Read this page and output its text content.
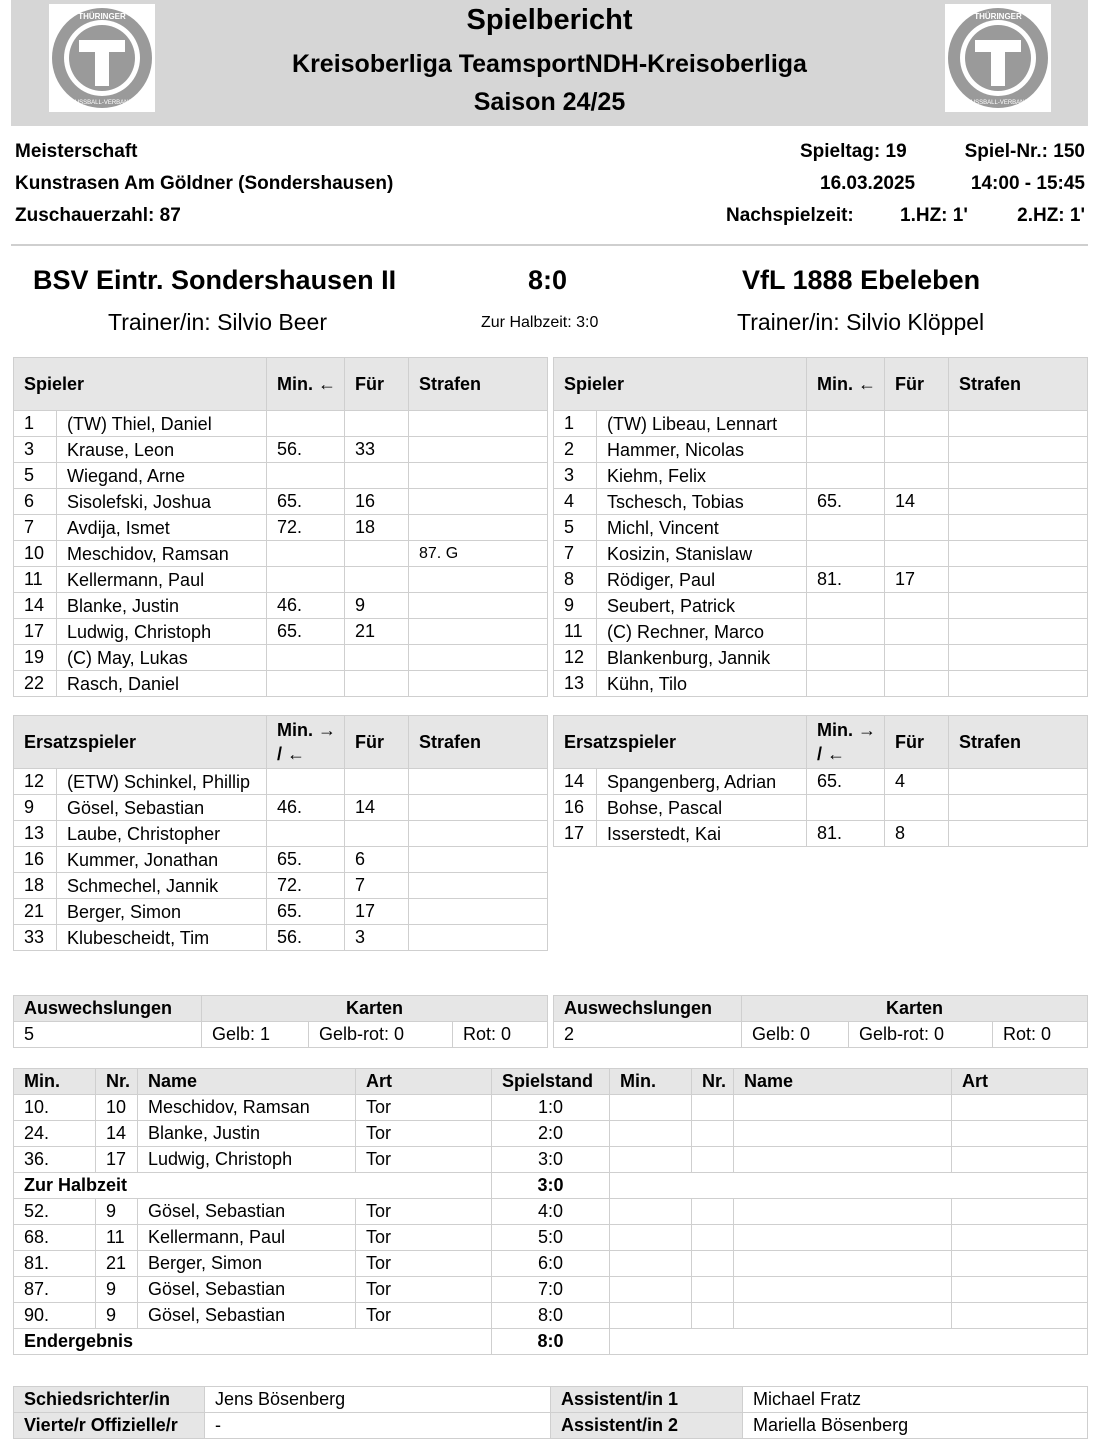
THÜRINGER
FUSSBALL-VERBAND
Spielbericht
Kreisoberliga TeamsportNDH-Kreisoberliga
Saison 24/25
THÜRINGER
FUSSBALL-VERBAND
Meisterschaft
Kunstrasen Am Göldner (Sondershausen)
Zuschauerzahl: 87
Spieltag: 19	Spiel-Nr.: 150
16.03.2025	14:00 - 15:45
Nachspielzeit: 1.HZ: 1'	2.HZ: 1'
BSV Eintr. Sondershausen II	8:0	VfL 1888 Ebeleben
Trainer/in: Silvio Beer	Zur Halbzeit: 3:0	Trainer/in: Silvio Klöppel
Spieler		Min. ←	Für	Strafen
1	(TW) Thiel, Daniel			
3	Krause, Leon	56.	33	
5	Wiegand, Arne			
6	Sisolefski, Joshua	65.	16	
7	Avdija, Ismet	72.	18	
10	Meschidov, Ramsan			87. G
11	Kellermann, Paul			
14	Blanke, Justin	46.	9	
17	Ludwig, Christoph	65.	21	
19	(C) May, Lukas			
22	Rasch, Daniel			
Spieler		Min. ←	Für	Strafen
1	(TW) Libeau, Lennart			
2	Hammer, Nicolas			
3	Kiehm, Felix			
4	Tschesch, Tobias	65.	14	
5	Michl, Vincent			
7	Kosizin, Stanislaw			
8	Rödiger, Paul	81.	17	
9	Seubert, Patrick			
11	(C) Rechner, Marco			
12	Blankenburg, Jannik			
13	Kühn, Tilo			
Ersatzspieler		Min. → / ←	Für	Strafen
12	(ETW) Schinkel, Phillip			
9	Gösel, Sebastian	46.	14	
13	Laube, Christopher			
16	Kummer, Jonathan	65.	6	
18	Schmechel, Jannik	72.	7	
21	Berger, Simon	65.	17	
33	Klubescheidt, Tim	56.	3	
Ersatzspieler		Min. → / ←	Für	Strafen
14	Spangenberg, Adrian	65.	4	
16	Bohse, Pascal			
17	Isserstedt, Kai	81.	8	
Auswechslungen	Karten		
5	Gelb: 1	Gelb-rot: 0	Rot: 0
Auswechslungen	Karten		
2	Gelb: 0	Gelb-rot: 0	Rot: 0
Min.	Nr.	Name	Art	Spielstand	Min.	Nr.	Name	Art
10.	10	Meschidov, Ramsan	Tor	1:0				
24.	14	Blanke, Justin	Tor	2:0				
36.	17	Ludwig, Christoph	Tor	3:0				
Zur Halbzeit				3:0				
52.	9	Gösel, Sebastian	Tor	4:0				
68.	11	Kellermann, Paul	Tor	5:0				
81.	21	Berger, Simon	Tor	6:0				
87.	9	Gösel, Sebastian	Tor	7:0				
90.	9	Gösel, Sebastian	Tor	8:0				
Endergebnis				8:0				
Schiedsrichter/in	Jens Bösenberg	Assistent/in 1	Michael Fratz
Vierte/r Offizielle/r	-	Assistent/in 2	Mariella Bösenberg
